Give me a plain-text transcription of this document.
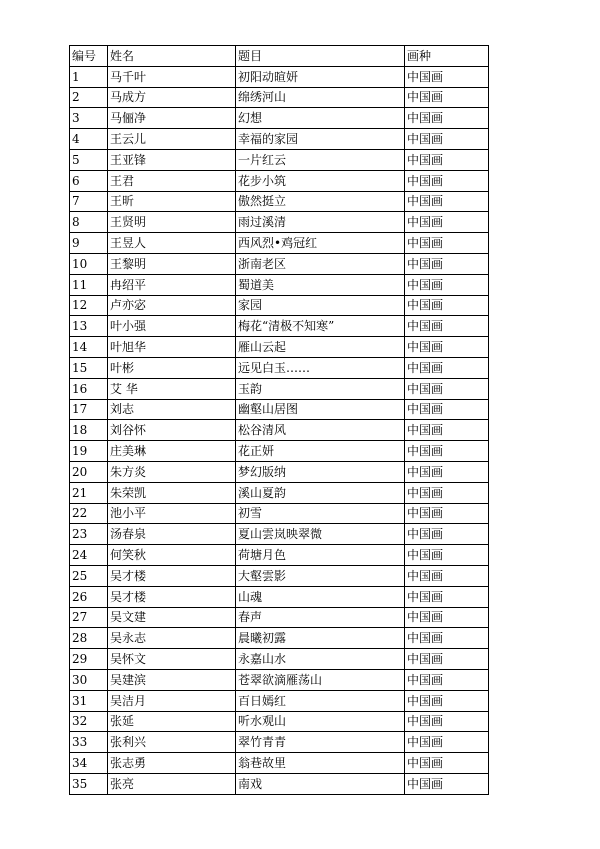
编号	姓名	题目	画种
1	马千叶	初阳动暄妍	中国画
2	马成方	绵绣河山	中国画
3	马俪净	幻想	中国画
4	王云儿	幸福的家园	中国画
5	王亚锋	一片红云	中国画
6	王君	花步小筑	中国画
7	王昕	傲然挺立	中国画
8	王贤明	雨过溪清	中国画
9	王昱人	西风烈•鸡冠红	中国画
10	王黎明	浙南老区	中国画
11	冉绍平	蜀道美	中国画
12	卢亦宓	家园	中国画
13	叶小强	梅花“清极不知寒”	中国画
14	叶旭华	雁山云起	中国画
15	叶彬	远见白玉……	中国画
16	艾 华	玉韵	中国画
17	刘志	幽壑山居图	中国画
18	刘谷怀	松谷清风	中国画
19	庄美琳	花正妍	中国画
20	朱方炎	梦幻版纳	中国画
21	朱荣凯	溪山夏韵	中国画
22	池小平	初雪	中国画
23	汤春泉	夏山雲岚映翠微	中国画
24	何笑秋	荷塘月色	中国画
25	吴才楼	大壑雲影	中国画
26	吴才楼	山魂	中国画
27	吴文建	春声	中国画
28	吴永志	晨曦初露	中国画
29	吴怀文	永嘉山水	中国画
30	吴建滨	苍翠欲滴雁荡山	中国画
31	吴洁月	百日嫣红	中国画
32	张延	听水观山	中国画
33	张利兴	翠竹青青	中国画
34	张志勇	翁巷故里	中国画
35	张亮	南戏	中国画
